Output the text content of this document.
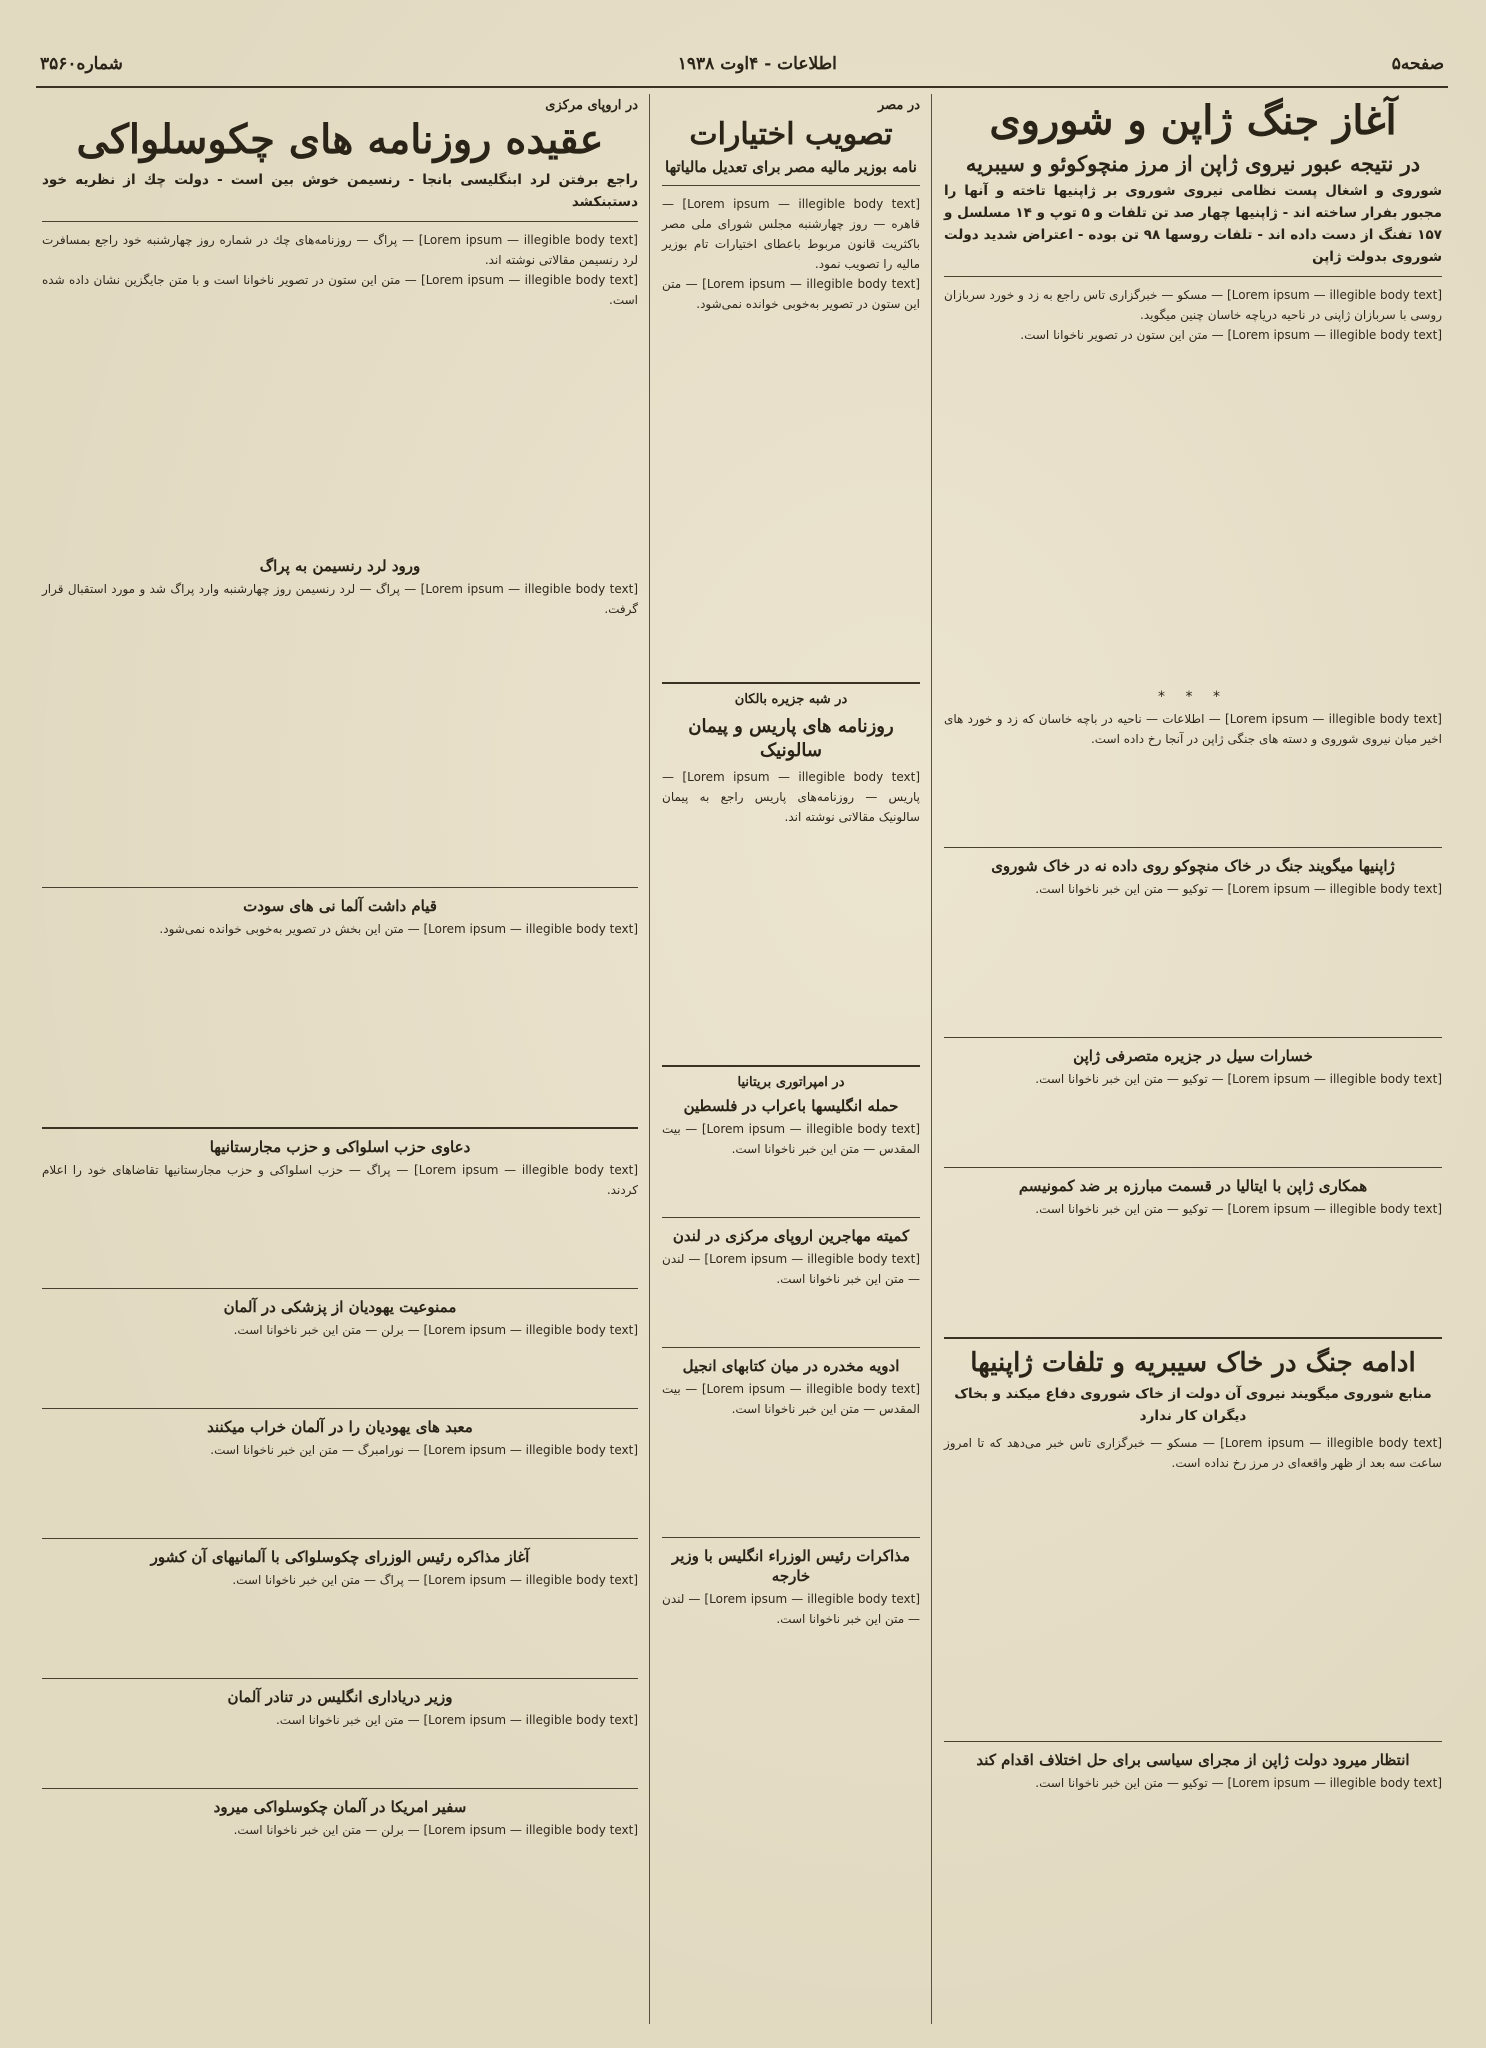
صفحه۵
اطلاعات - ۴اوت ۱۹۳۸
شماره۳۵۶۰
آغاز جنگ ژاپن و شوروی
در نتیجه عبور نیروی ژاپن از مرز منچوکوئو و سیبریه
شوروی و اشغال پست نظامی نیروی شوروی بر ژاپنیها تاخته و آنها را مجبور بفرار ساخته اند - ژاپنیها چهار صد تن تلفات و ۵ توپ و ۱۴ مسلسل و ۱۵۷ تفنگ از دست داده اند - تلفات روسها ۹۸ تن بوده - اعتراض شدید دولت شوروی بدولت ژاپن

[Lorem ipsum — illegible body text] — مسکو — خبرگزاری تاس راجع به زد و خورد سربازان روسی با سربازان ژاپنی در ناحیه دریاچه خاسان چنین میگوید.

[Lorem ipsum — illegible body text] — متن این ستون در تصویر ناخوانا است.

* * *

[Lorem ipsum — illegible body text] — اطلاعات — ناحیه در باچه خاسان که زد و خورد های اخیر میان نیروی شوروی و دسته های جنگی ژاپن در آنجا رخ داده است.

ژاپنیها میگویند جنگ در خاک منچوکو روی داده نه در خاک شوروی

[Lorem ipsum — illegible body text] — توکیو — متن این خبر ناخوانا است.

خسارات سیل در جزیره متصرفی ژاپن

[Lorem ipsum — illegible body text] — توکیو — متن این خبر ناخوانا است.

همکاری ژاپن با ایتالیا در قسمت مبارزه بر ضد کمونیسم

[Lorem ipsum — illegible body text] — توکیو — متن این خبر ناخوانا است.

ادامه جنگ در خاک سیبریه و تلفات ژاپنیها
منابع شوروی میگویند نیروی آن دولت از خاک شوروی دفاع میکند و بخاک دیگران کار ندارد

[Lorem ipsum — illegible body text] — مسکو — خبرگزاری تاس خبر می‌دهد که تا امروز ساعت سه بعد از ظهر واقعه‌ای در مرز رخ نداده است.

انتظار میرود دولت ژاپن از مجرای سیاسی برای حل اختلاف اقدام کند

[Lorem ipsum — illegible body text] — توکیو — متن این خبر ناخوانا است.

در مصر
تصویب اختیارات
نامه بوزیر مالیه مصر برای تعدیل مالیاتها

[Lorem ipsum — illegible body text] — قاهره — روز چهارشنبه مجلس شورای ملی مصر باکثریت قانون مربوط باعطای اختیارات تام بوزیر مالیه را تصویب نمود.

[Lorem ipsum — illegible body text] — متن این ستون در تصویر به‌خوبی خوانده نمی‌شود.

در شبه جزیره بالکان
روزنامه های پاریس و پیمان سالونیک

[Lorem ipsum — illegible body text] — پاریس — روزنامه‌های پاریس راجع به پیمان سالونیک مقالاتی نوشته اند.

در امپراتوری بریتانیا
حمله انگلیسها باعراب در فلسطین

[Lorem ipsum — illegible body text] — بیت المقدس — متن این خبر ناخوانا است.

کمیته مهاجرین اروپای مرکزی در لندن

[Lorem ipsum — illegible body text] — لندن — متن این خبر ناخوانا است.

ادویه مخدره در میان کتابهای انجیل

[Lorem ipsum — illegible body text] — بیت المقدس — متن این خبر ناخوانا است.

مذاکرات رئیس الوزراء انگلیس با وزیر خارجه

[Lorem ipsum — illegible body text] — لندن — متن این خبر ناخوانا است.

در اروپای مرکزی
عقیده روزنامه های چکوسلواکی
راجع برفتن لرد ابنگلیسی بانجا - رنسیمن خوش بین است - دولت چك از نظریه خود دستبنکشد

[Lorem ipsum — illegible body text] — پراگ — روزنامه‌های چك در شماره روز چهارشنبه خود راجع بمسافرت لرد رنسیمن مقالاتی نوشته اند.

[Lorem ipsum — illegible body text] — متن این ستون در تصویر ناخوانا است و با متن جایگزین نشان داده شده است.

ورود لرد رنسیمن به پراگ

[Lorem ipsum — illegible body text] — پراگ — لرد رنسیمن روز چهارشنبه وارد پراگ شد و مورد استقبال قرار گرفت.

قیام داشت آلما نی های سودت

[Lorem ipsum — illegible body text] — متن این بخش در تصویر به‌خوبی خوانده نمی‌شود.

دعاوی حزب اسلواکی و حزب مجارستانیها

[Lorem ipsum — illegible body text] — پراگ — حزب اسلواکی و حزب مجارستانیها تقاضاهای خود را اعلام کردند.

ممنوعیت یهودیان از پزشکی در آلمان

[Lorem ipsum — illegible body text] — برلن — متن این خبر ناخوانا است.

معبد های یهودیان را در آلمان خراب میکنند

[Lorem ipsum — illegible body text] — نورامبرگ — متن این خبر ناخوانا است.

آغاز مذاکره رئیس الوزرای چکوسلواکی با آلمانیهای آن کشور

[Lorem ipsum — illegible body text] — پراگ — متن این خبر ناخوانا است.

وزیر دریاداری انگلیس در تنادر آلمان

[Lorem ipsum — illegible body text] — متن این خبر ناخوانا است.

سفیر امریکا در آلمان چکوسلواکی میرود

[Lorem ipsum — illegible body text] — برلن — متن این خبر ناخوانا است.
